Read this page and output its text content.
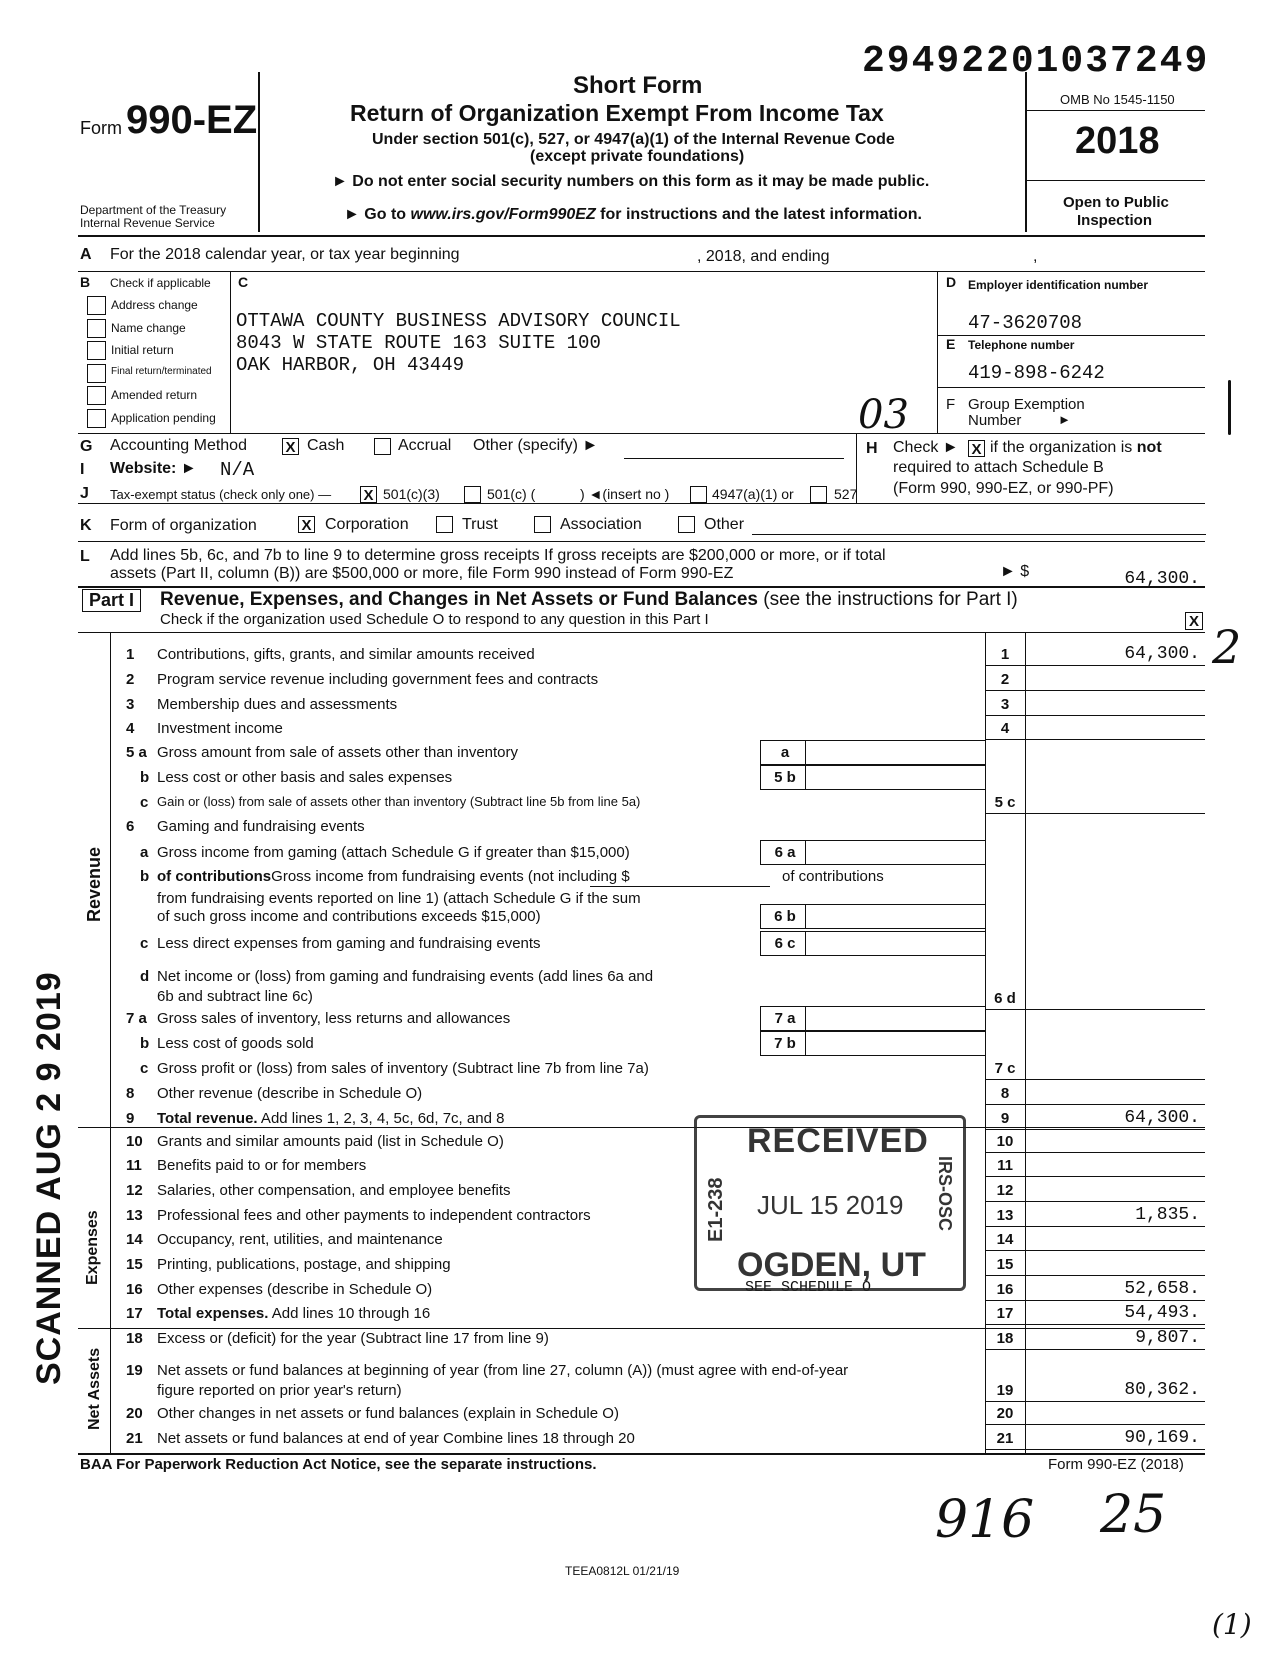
29492201037249
Form 990-EZ
Department of the Treasury
Internal Revenue Service
Short Form
Return of Organization Exempt From Income Tax
Under section 501(c), 527, or 4947(a)(1) of the Internal Revenue Code
(except private foundations)
► Do not enter social security numbers on this form as it may be made public.
► Go to www.irs.gov/Form990EZ for instructions and the latest information.
OMB No 1545-1150
2018
Open to Public
Inspection
A For the 2018 calendar year, or tax year beginning	, 2018, and ending	,
B Check if applicable
Address change
Name change
Initial return
Final return/terminated
Amended return
Application pending
C
OTTAWA COUNTY BUSINESS ADVISORY COUNCIL
8043 W STATE ROUTE 163 SUITE 100
OAK HARBOR, OH 43449
D Employer identification number
47-3620708
E Telephone number
419-898-6242
F Group Exemption
Number	►
G Accounting Method	X Cash	Accrual Other (specify) ►	H Check ► X if the organization is not
required to attach Schedule B
(Form 990, 990-EZ, or 990-PF)
I Website: ► N/A
J Tax-exempt status (check only one) — X 501(c)(3)	501(c) (	) ◄(insert no )	4947(a)(1) or	527
K Form of organization	X Corporation	Trust	Association	Other
L Add lines 5b, 6c, and 7b to line 9 to determine gross receipts If gross receipts are $200,000 or more, or if total
assets (Part II, column (B)) are $500,000 or more, file Form 990 instead of Form 990-EZ	► $	64,300.
Part I	Revenue, Expenses, and Changes in Net Assets or Fund Balances (see the instructions for Part I)
Check if the organization used Schedule O to respond to any question in this Part I	X
1 Contributions, gifts, grants, and similar amounts received	1	64,300.
2 Program service revenue including government fees and contracts	2
3 Membership dues and assessments	3
4 Investment income	4
5 a Gross amount from sale of assets other than inventory	a
b Less cost or other basis and sales expenses	5 b
c Gain or (loss) from sale of assets other than inventory (Subtract line 5b from line 5a)	5 c
6 Gaming and fundraising events
a Gross income from gaming (attach Schedule G if greater than $15,000)	6 a
b of contributionsGross income from fundraising events (not including $
from fundraising events reported on line 1) (attach Schedule G if the sum
of such gross income and contributions exceeds $15,000)
of contributions
6 b
c Less direct expenses from gaming and fundraising events	6 c
d Net income or (loss) from gaming and fundraising events (add lines 6a and
6b and subtract line 6c)	6 d
7 a Gross sales of inventory, less returns and allowances	7 a
b Less cost of goods sold	7 b
c Gross profit or (loss) from sales of inventory (Subtract line 7b from line 7a)	7 c
8 Other revenue (describe in Schedule O)	8
9 Total revenue. Add lines 1, 2, 3, 4, 5c, 6d, 7c, and 8	9	64,300.
10 Grants and similar amounts paid (list in Schedule O)	10
11 Benefits paid to or for members	11
12 Salaries, other compensation, and employee benefits	12
13 Professional fees and other payments to independent contractors	13	1,835.
14 Occupancy, rent, utilities, and maintenance	14
15 Printing, publications, postage, and shipping	15
16 Other expenses (describe in Schedule O)	SEE SCHEDULE O	16	52,658.
17 Total expenses. Add lines 10 through 16	17	54,493.
18 Excess or (deficit) for the year (Subtract line 17 from line 9)	18	9,807.
19 Net assets or fund balances at beginning of year (from line 27, column (A)) (must agree with end-of-year
figure reported on prior year's return)	19	80,362.
20 Other changes in net assets or fund balances (explain in Schedule O)	20
21 Net assets or fund balances at end of year Combine lines 18 through 20	21	90,169.
Revenue
Expenses
Net Assets
BAA For Paperwork Reduction Act Notice, see the separate instructions.	Form 990-EZ (2018)
TEEA0812L 01/21/19
RECEIVED
JUL 15 2019
E1-238	IRS-OSC
OGDEN, UT
SCANNED AUG 2 9 2019
03
2
916 25
(1)
